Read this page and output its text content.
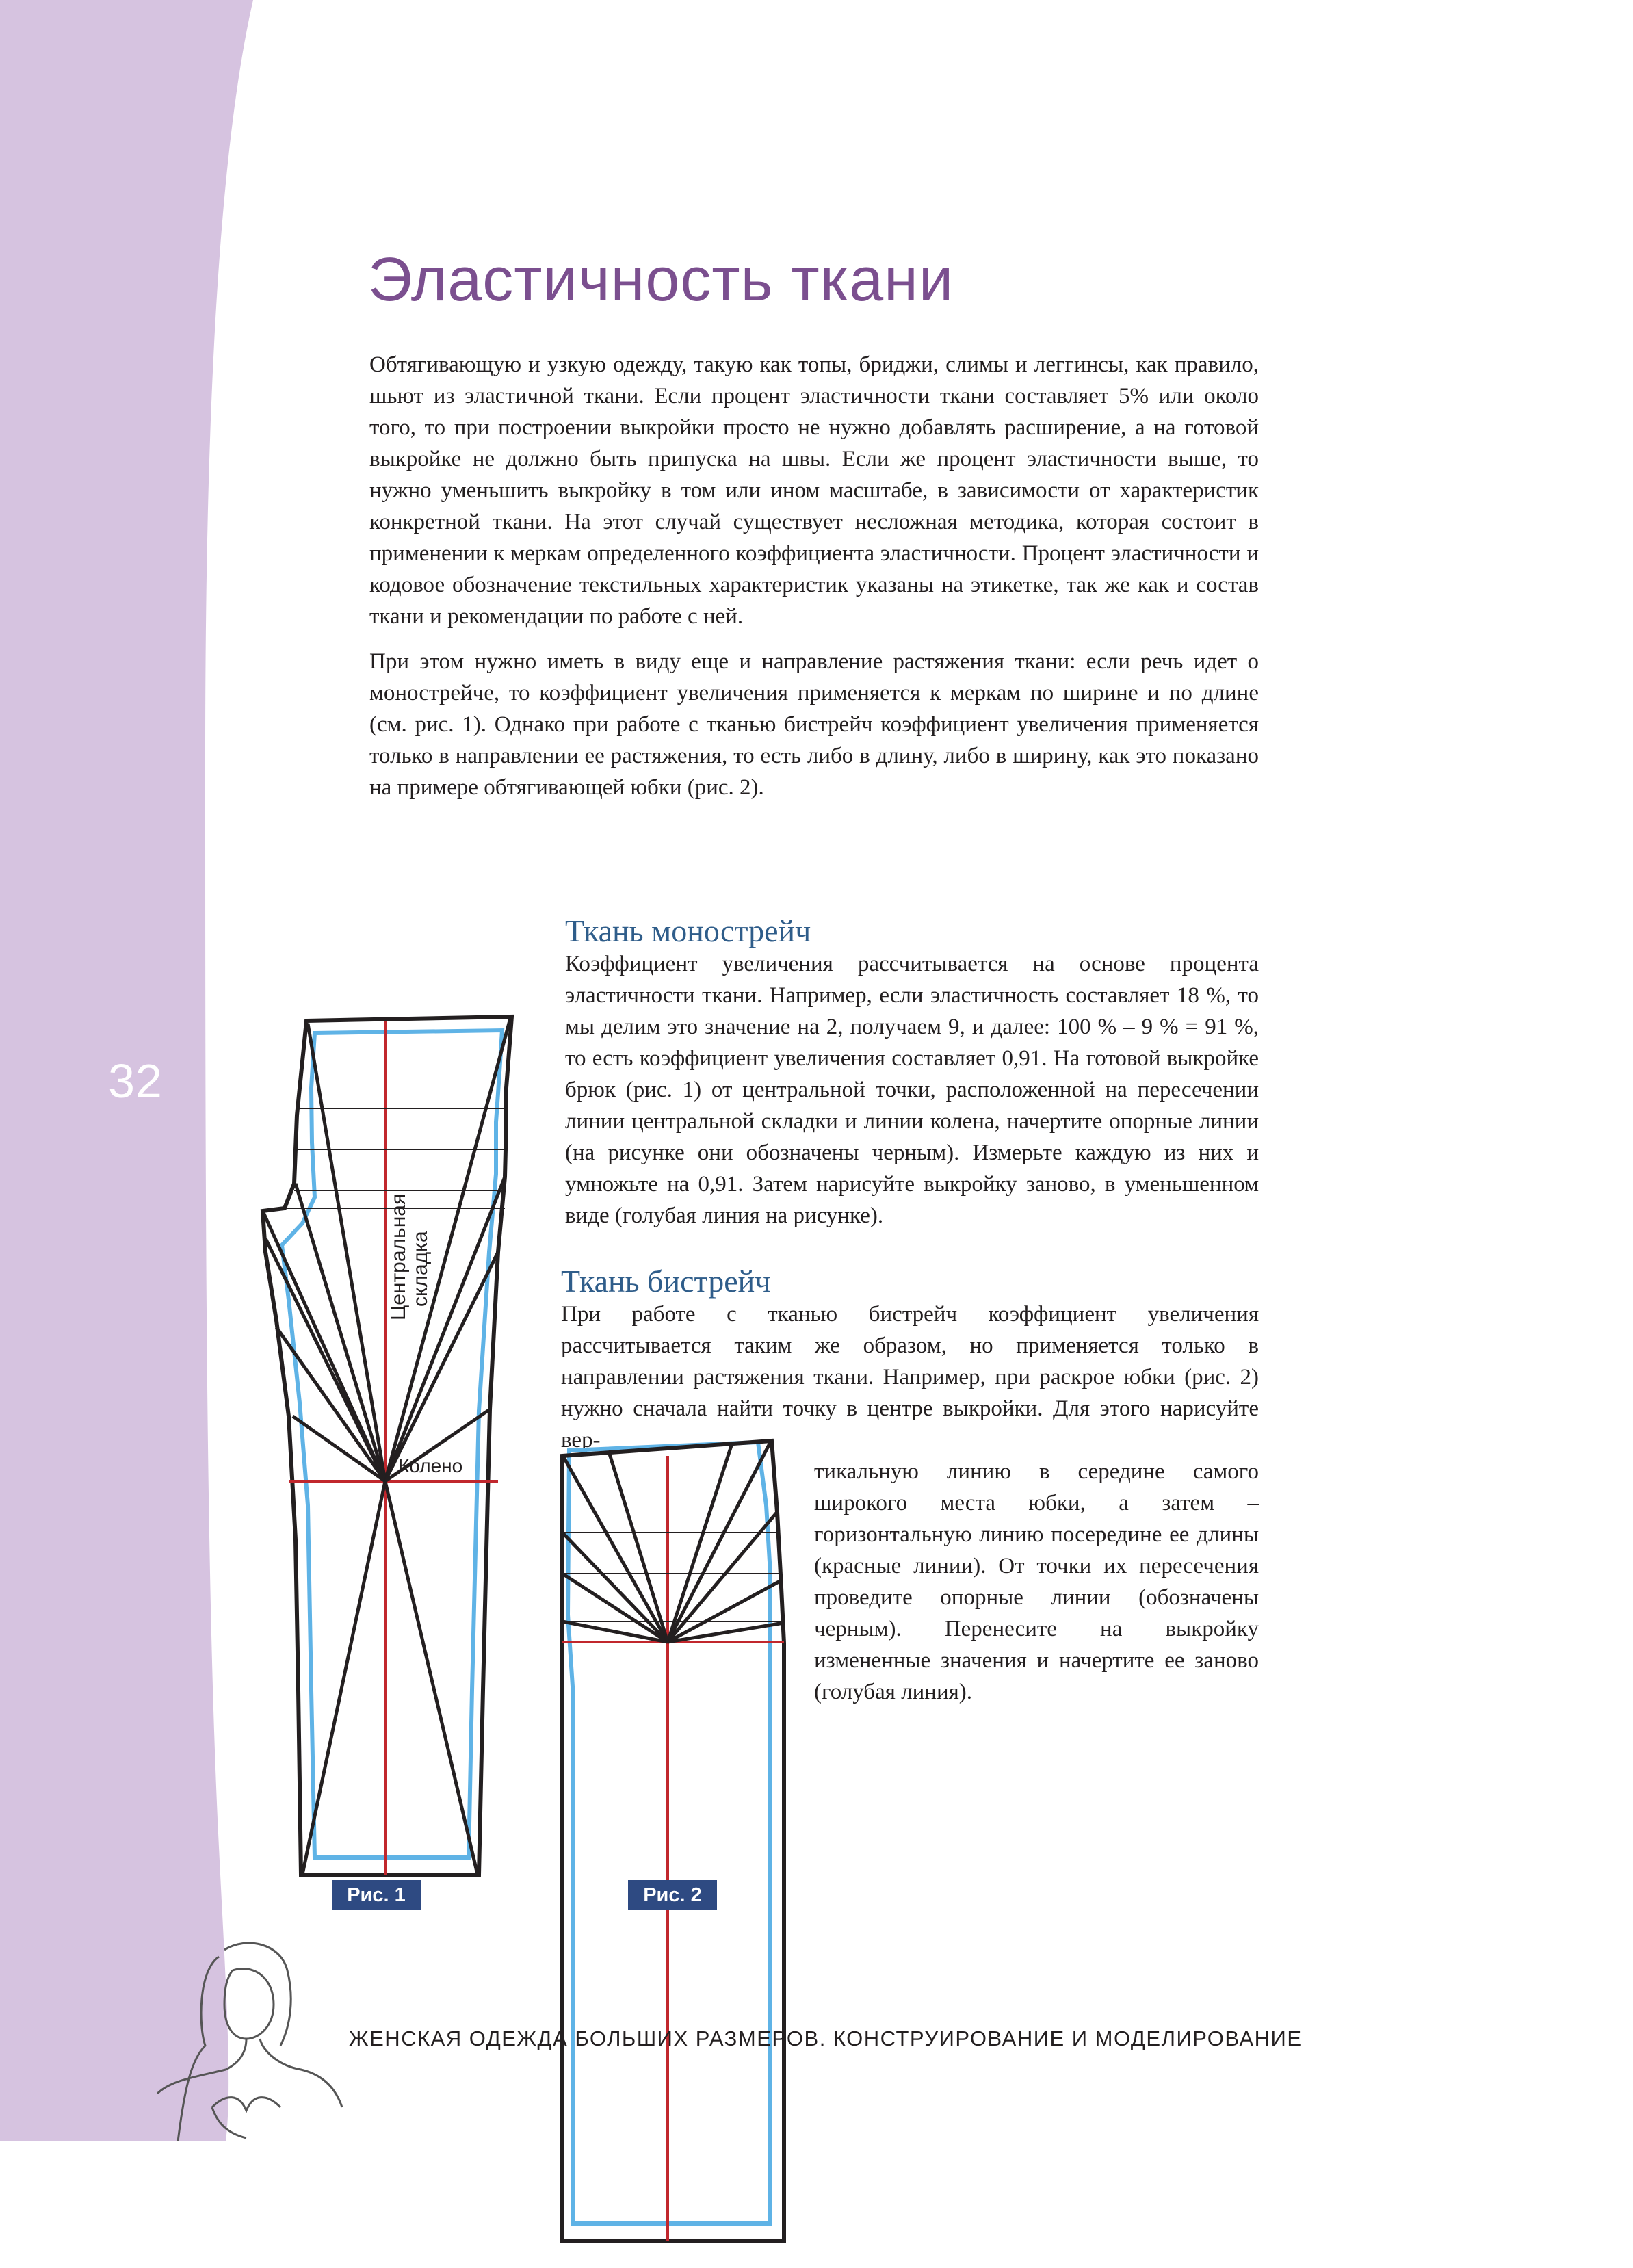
32
Эластичность ткани

Обтягивающую и узкую одежду, такую как топы, бриджи, слимы и леггинсы, как правило, шьют из эластичной ткани. Если процент эластичности ткани составляет 5% или около того, то при построении выкройки просто не нужно добавлять расширение, а на готовой выкройке не должно быть припуска на швы. Если же процент эластичности выше, то нужно уменьшить выкройку в том или ином масштабе, в зависимости от характеристик конкретной ткани. На этот случай существует несложная методика, которая состоит в применении к меркам определенного коэффициента эластичности. Процент эластичности и кодовое обозначение текстильных характеристик указаны на этикетке, так же как и состав ткани и рекомендации по работе с ней.

При этом нужно иметь в виду еще и направление растяжения ткани: если речь идет о монострейче, то коэффициент увеличения применяется к меркам по ширине и по длине (см. рис. 1). Однако при работе с тканью бистрейч коэффициент увеличения применяется только в направлении ее растяжения, то есть либо в длину, либо в ширину, как это показано на примере обтягивающей юбки (рис. 2).

Ткань монострейч

Коэффициент увеличения рассчитывается на основе процента эластичности ткани. Например, если эластичность составляет 18 %, то мы делим это значение на 2, получаем 9, и далее: 100 % – 9 % = 91 %, то есть коэффициент увеличения составляет 0,91. На готовой выкройке брюк (рис. 1) от центральной точки, расположенной на пересечении линии центральной складки и линии колена, начертите опорные линии (на рисунке они обозначены черным). Измерьте каждую из них и умножьте на 0,91. Затем нарисуйте выкройку заново, в уменьшенном виде (голубая линия на рисунке).

Ткань бистрейч

При работе с тканью бистрейч коэффициент увеличения рассчитывается таким же образом, но применяется только в направлении растяжения ткани. Например, при раскрое юбки (рис. 2) нужно сначала найти точку в центре выкройки. Для этого нарисуйте вер-

тикальную линию в середине самого широкого места юбки, а затем – горизонтальную линию посередине ее длины (красные линии). От точки их пересечения проведите опорные линии (обозначены черным). Перенесите на выкройку измененные значения и начертите ее заново (голубая линия).

Центральная складка
Колено
Рис. 1	Рис. 2
ЖЕНСКАЯ ОДЕЖДА БОЛЬШИХ РАЗМЕРОВ. КОНСТРУИРОВАНИЕ И МОДЕЛИРОВАНИЕ
